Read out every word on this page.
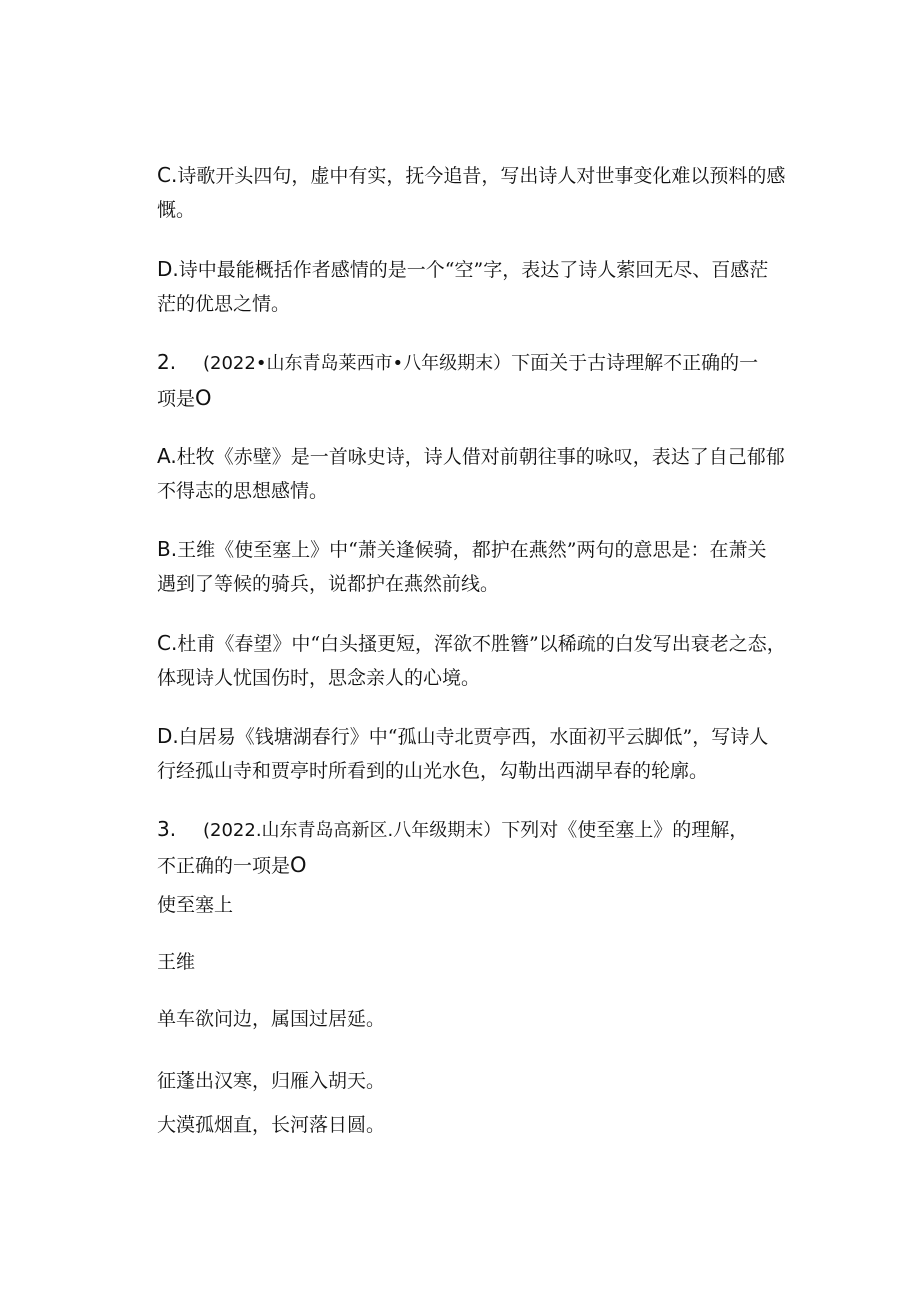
C.诗歌开头四句，虚中有实，抚今追昔，写出诗人对世事变化难以预料的感
慨。
D.诗中最能概括作者感情的是一个“空”字，表达了诗人萦回无尽、百感茫
茫的优思之情。
2. (2022•山东青岛莱西市•八年级期末）下面关于古诗理解不正确的一
项是O
A.杜牧《赤壁》是一首咏史诗，诗人借对前朝往事的咏叹，表达了自己郁郁
不得志的思想感情。
B.王维《使至塞上》中“萧关逢候骑，都护在燕然”两句的意思是：在萧关
遇到了等候的骑兵，说都护在燕然前线。
C.杜甫《春望》中“白头搔更短，浑欲不胜簪”以稀疏的白发写出衰老之态，
体现诗人忧国伤时，思念亲人的心境。
D.白居易《钱塘湖春行》中“孤山寺北贾亭西，水面初平云脚低”，写诗人
行经孤山寺和贾亭时所看到的山光水色，勾勒出西湖早春的轮廓。
3. (2022.山东青岛高新区.八年级期末）下列对《使至塞上》的理解，
不正确的一项是O
使至塞上
王维
单车欲问边，属国过居延。
征蓬出汉寒，归雁入胡天。
大漠孤烟直，长河落日圆。
